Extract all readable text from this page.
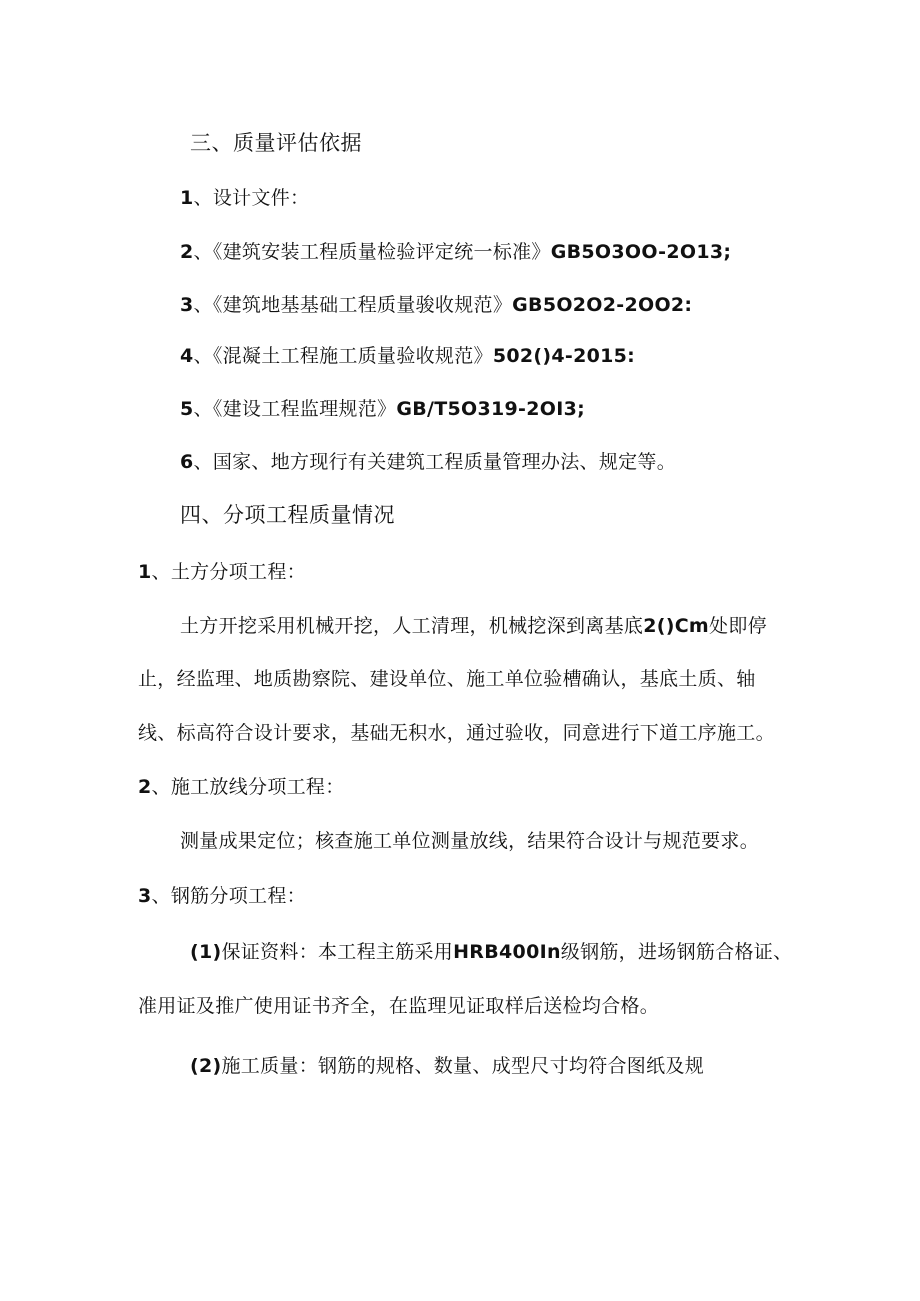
三、质量评估依据
1、设计文件：
2、《建筑安装工程质量检验评定统一标准》GB5O3OO-2O13;
3、《建筑地基基础工程质量骏收规范》GB5O2O2-2OO2:
4、《混凝土工程施工质量验收规范》502()4-2015:
5、《建设工程监理规范》GB/T5O319-2OI3;
6、国家、地方现行有关建筑工程质量管理办法、规定等。
四、分项工程质量情况
1、土方分项工程：
土方开挖采用机械开挖，人工清理，机械挖深到离基底2()Cm处即停
止，经监理、地质勘察院、建设单位、施工单位验槽确认，基底土质、轴
线、标高符合设计要求，基础无积水，通过验收，同意进行下道工序施工。
2、施工放线分项工程：
测量成果定位；核查施工单位测量放线，结果符合设计与规范要求。
3、钢筋分项工程：
(1)保证资料：本工程主筋采用HRB400In级钢筋，进场钢筋合格证、
准用证及推广使用证书齐全，在监理见证取样后送检均合格。
(2)施工质量：钢筋的规格、数量、成型尺寸均符合图纸及规
